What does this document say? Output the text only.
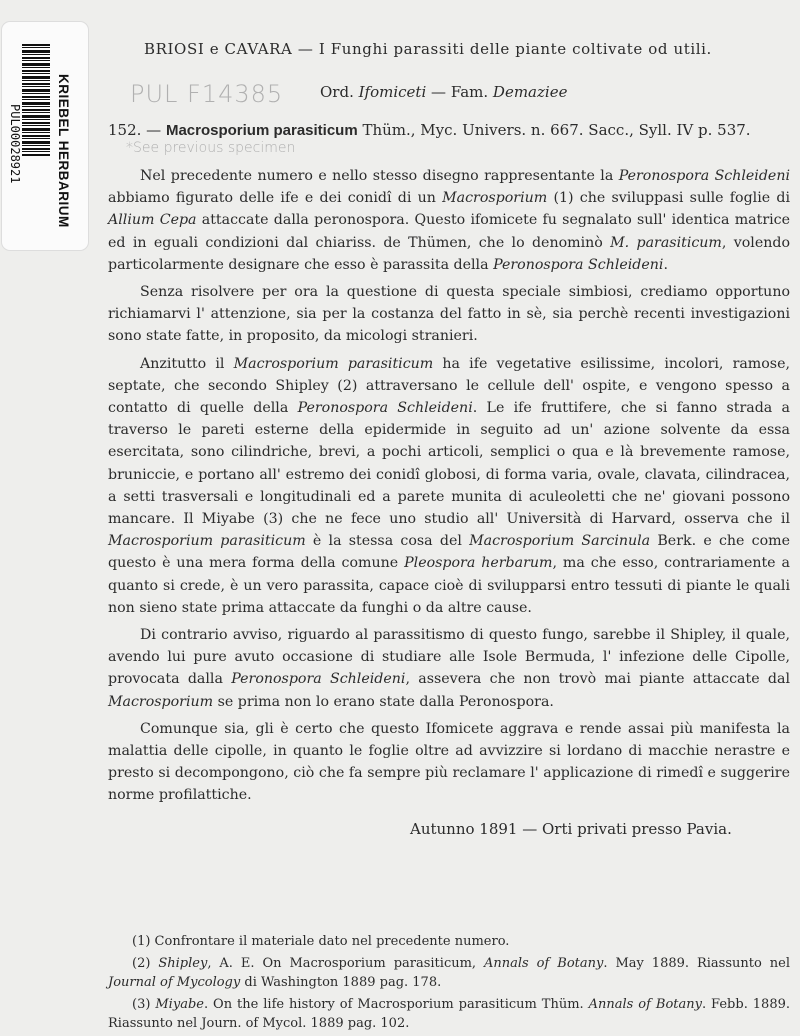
KRIEBEL HERBARIUM
PUL00028921
PUL F14385
*See previous specimen
BRIOSI e CAVARA — I Funghi parassiti delle piante coltivate od utili.
Ord. Ifomiceti — Fam. Demaziee
152. — Macrosporium parasiticum Thüm., Myc. Univers. n. 667. Sacc., Syll. IV p. 537.

Nel precedente numero e nello stesso disegno rappresentante la Peronospora Schleideni abbiamo figurato delle ife e dei conidî di un Macrosporium (1) che sviluppasi sulle foglie di Allium Cepa attaccate dalla peronospora. Questo ifomicete fu segnalato sull' identica matrice ed in eguali condizioni dal chiariss. de Thümen, che lo denominò M. parasiticum, volendo particolarmente designare che esso è parassita della Peronospora Schleideni.

Senza risolvere per ora la questione di questa speciale simbiosi, crediamo opportuno richiamarvi l' attenzione, sia per la costanza del fatto in sè, sia perchè recenti investigazioni sono state fatte, in proposito, da micologi stranieri.

Anzitutto il Macrosporium parasiticum ha ife vegetative esilissime, incolori, ramose, septate, che secondo Shipley (2) attraversano le cellule dell' ospite, e vengono spesso a contatto di quelle della Peronospora Schleideni. Le ife fruttifere, che si fanno strada a traverso le pareti esterne della epidermide in seguito ad un' azione solvente da essa esercitata, sono cilindriche, brevi, a pochi articoli, semplici o qua e là brevemente ramose, bruniccie, e portano all' estremo dei conidî globosi, di forma varia, ovale, clavata, cilindracea, a setti trasversali e longitudinali ed a parete munita di aculeoletti che ne' giovani possono mancare. Il Miyabe (3) che ne fece uno studio all' Università di Harvard, osserva che il Macrosporium parasiticum è la stessa cosa del Macrosporium Sarcinula Berk. e che come questo è una mera forma della comune Pleospora herbarum, ma che esso, contrariamente a quanto si crede, è un vero parassita, capace cioè di svilupparsi entro tessuti di piante le quali non sieno state prima attaccate da funghi o da altre cause.

Di contrario avviso, riguardo al parassitismo di questo fungo, sarebbe il Shipley, il quale, avendo lui pure avuto occasione di studiare alle Isole Bermuda, l' infezione delle Cipolle, provocata dalla Peronospora Schleideni, assevera che non trovò mai piante attaccate dal Macrosporium se prima non lo erano state dalla Peronospora.

Comunque sia, gli è certo che questo Ifomicete aggrava e rende assai più manifesta la malattia delle cipolle, in quanto le foglie oltre ad avvizzire si lordano di macchie nerastre e presto si decompongono, ciò che fa sempre più reclamare l' applicazione di rimedî e suggerire norme profilattiche.

Autunno 1891 — Orti privati presso Pavia.

(1) Confrontare il materiale dato nel precedente numero.

(2) Shipley, A. E. On Macrosporium parasiticum, Annals of Botany. May 1889. Riassunto nel Journal of Mycology di Washington 1889 pag. 178.

(3) Miyabe. On the life history of Macrosporium parasiticum Thüm. Annals of Botany. Febb. 1889. Riassunto nel Journ. of Mycol. 1889 pag. 102.
